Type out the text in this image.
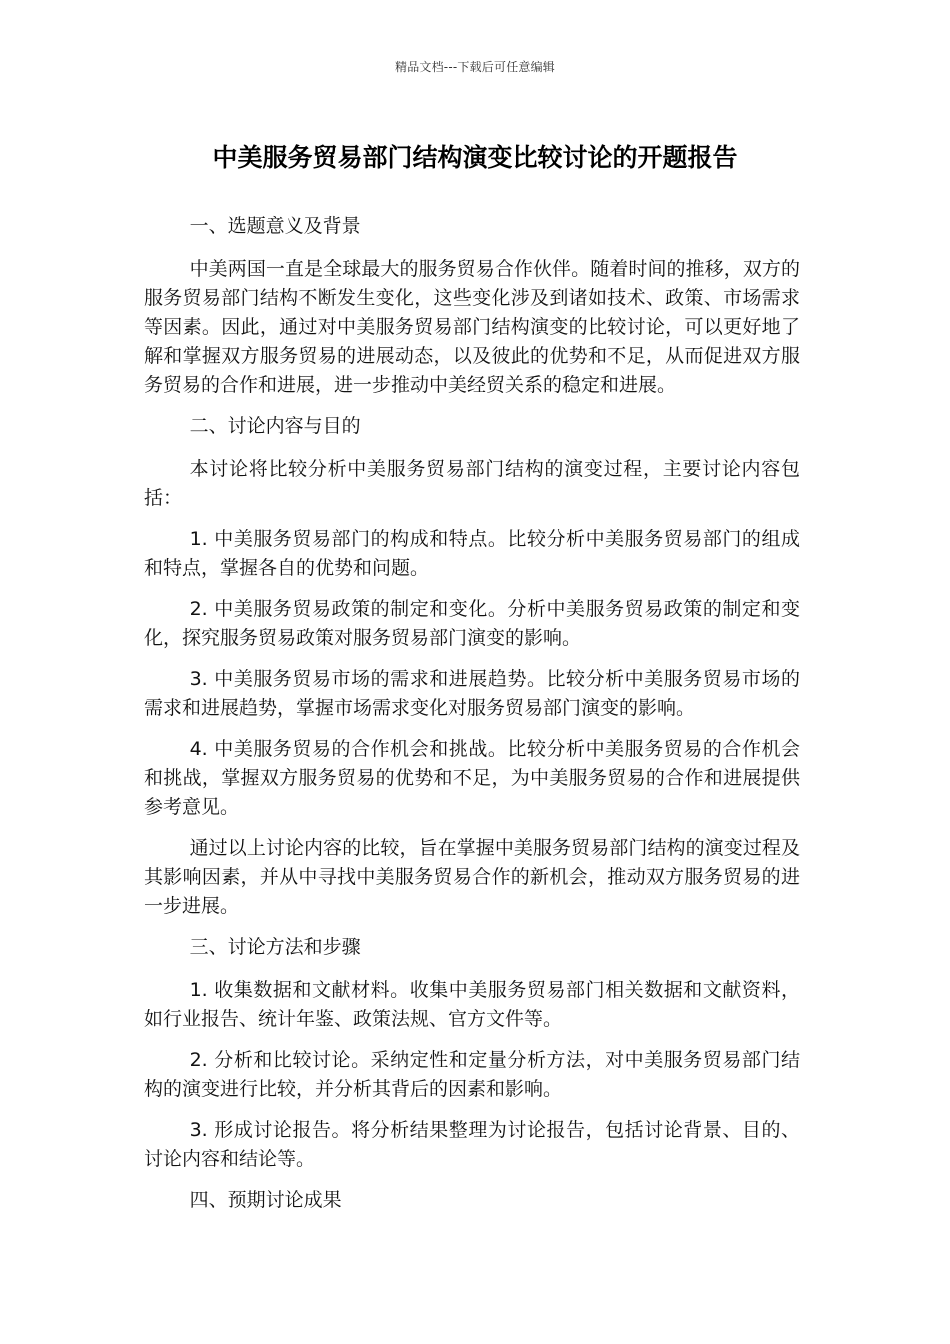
精品文档---下载后可任意编辑
中美服务贸易部门结构演变比较讨论的开题报告

一、选题意义及背景

中美两国一直是全球最大的服务贸易合作伙伴。随着时间的推移，双方的服务贸易部门结构不断发生变化，这些变化涉及到诸如技术、政策、市场需求等因素。因此，通过对中美服务贸易部门结构演变的比较讨论，可以更好地了解和掌握双方服务贸易的进展动态，以及彼此的优势和不足，从而促进双方服务贸易的合作和进展，进一步推动中美经贸关系的稳定和进展。

二、讨论内容与目的

本讨论将比较分析中美服务贸易部门结构的演变过程，主要讨论内容包括：

1. 中美服务贸易部门的构成和特点。比较分析中美服务贸易部门的组成和特点，掌握各自的优势和问题。

2. 中美服务贸易政策的制定和变化。分析中美服务贸易政策的制定和变化，探究服务贸易政策对服务贸易部门演变的影响。

3. 中美服务贸易市场的需求和进展趋势。比较分析中美服务贸易市场的需求和进展趋势，掌握市场需求变化对服务贸易部门演变的影响。

4. 中美服务贸易的合作机会和挑战。比较分析中美服务贸易的合作机会和挑战，掌握双方服务贸易的优势和不足，为中美服务贸易的合作和进展提供参考意见。

通过以上讨论内容的比较，旨在掌握中美服务贸易部门结构的演变过程及其影响因素，并从中寻找中美服务贸易合作的新机会，推动双方服务贸易的进一步进展。

三、讨论方法和步骤

1. 收集数据和文献材料。收集中美服务贸易部门相关数据和文献资料，如行业报告、统计年鉴、政策法规、官方文件等。

2. 分析和比较讨论。采纳定性和定量分析方法，对中美服务贸易部门结构的演变进行比较，并分析其背后的因素和影响。

3. 形成讨论报告。将分析结果整理为讨论报告，包括讨论背景、目的、讨论内容和结论等。

四、预期讨论成果
